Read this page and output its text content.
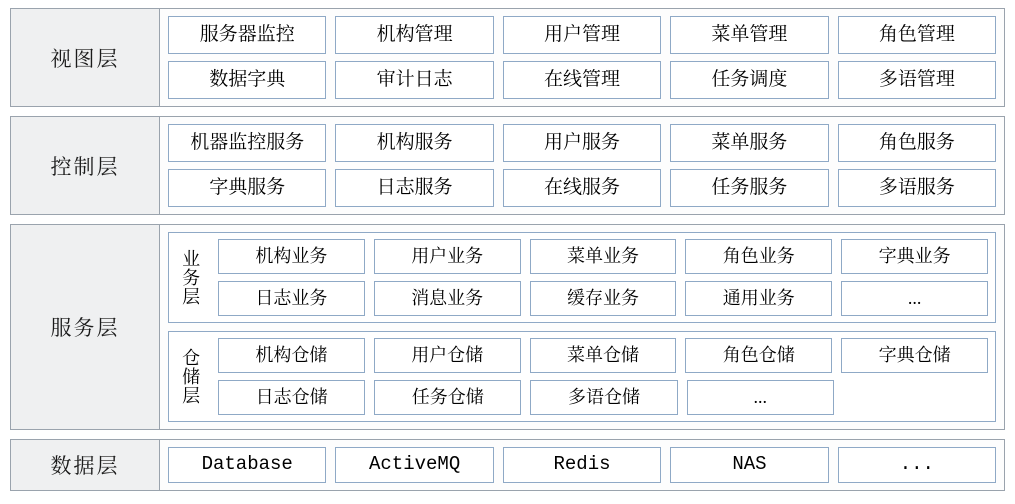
视图层
服务器监控	机构管理	用户管理	菜单管理	角色管理
数据字典	审计日志	在线管理	任务调度	多语管理
控制层
机器监控服务	机构服务	用户服务	菜单服务	角色服务
字典服务	日志服务	在线服务	任务服务	多语服务
服务层
业务层	机构业务	用户业务	菜单业务	角色业务	字典业务
日志业务	消息业务	缓存业务	通用业务	...
仓储层	机构仓储	用户仓储	菜单仓储	角色仓储	字典仓储
日志仓储	任务仓储	多语仓储	...
数据层	Database	ActiveMQ	Redis	NAS	...
